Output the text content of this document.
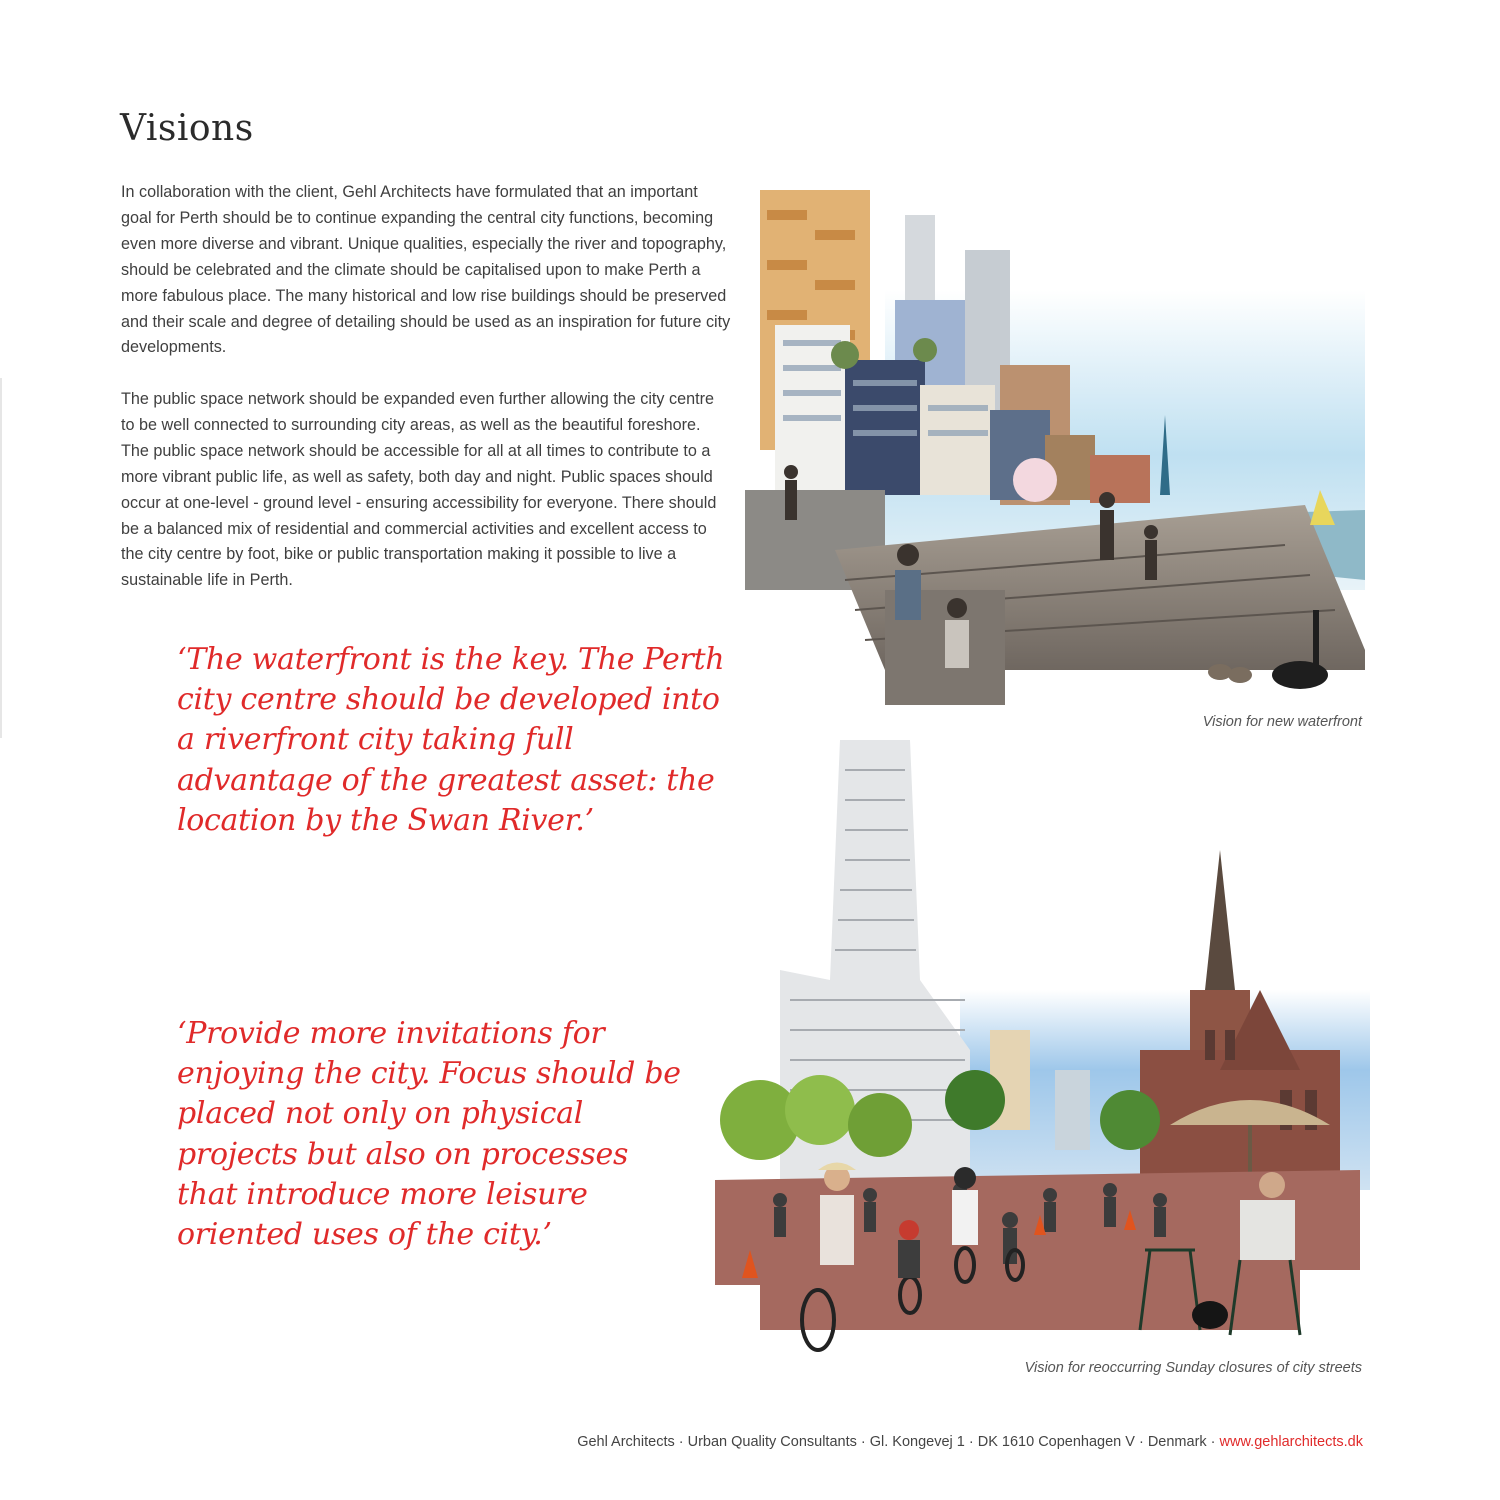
Visions

In collaboration with the client, Gehl Architects have formulated that an important goal for Perth should be to continue expanding the central city functions, becoming even more diverse and vibrant. Unique qualities, especially the river and topography, should be celebrated and the climate should be capitalised upon to make Perth a more fabulous place. The many historical and low rise buildings should be preserved and their scale and degree of detailing should be used as an inspiration for future city developments.

The public space network should be expanded even further allowing the city centre to be well connected to surrounding city areas, as well as the beautiful foreshore. The public space network should be accessible for all at all times to contribute to a more vibrant public life, as well as safety, both day and night. Public spaces should occur at one-level - ground level - ensuring accessibility for everyone. There should be a balanced mix of residential and commercial activities and excellent access to the city centre by foot, bike or public transportation making it possible to live a sustainable life in Perth.

‘The waterfront is the key. The Perth city centre should be developed into a riverfront city taking full advantage of the greatest asset: the location by the Swan River.’

‘Provide more invitations for enjoying the city. Focus should be placed not only on physical projects but also on processes that introduce more leisure oriented uses of the city.’

Vision for new waterfront

Vision for reoccurring Sunday closures of city streets

Gehl Architects · Urban Quality Consultants · Gl. Kongevej 1 · DK 1610 Copenhagen V · Denmark · www.gehlarchitects.dk
